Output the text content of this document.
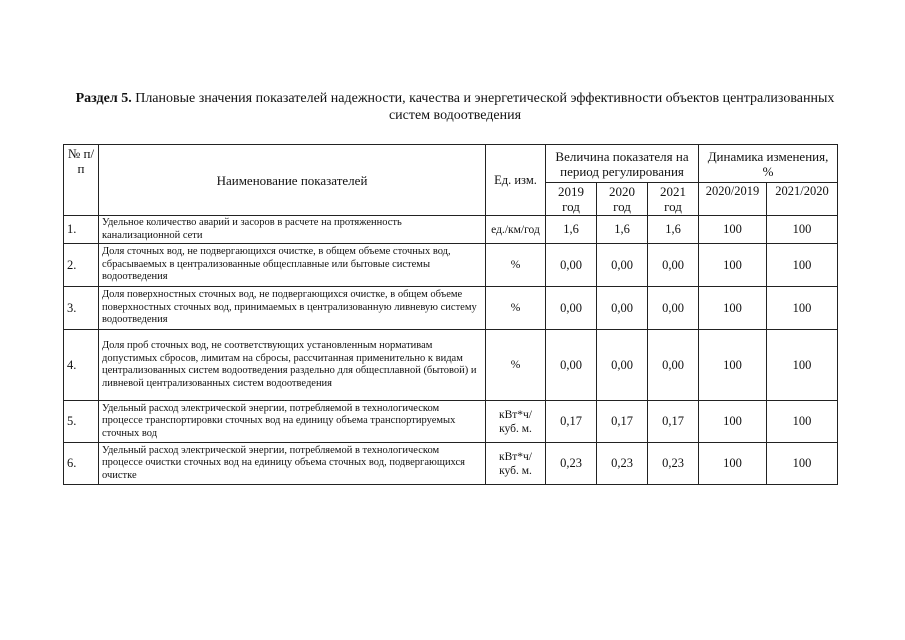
Раздел 5. Плановые значения показателей надежности, качества и энергетической эффективности объектов централизованных систем водоотведения
№ п/п	Наименование показателей	Ед. изм.	Величина показателя на период регулирования			Динамика изменения, %	
			2019 год	2020 год	2021 год	2020/2019	2021/2020
1.	Удельное количество аварий и засоров в расчете на протяженность канализационной сети	ед./км/год	1,6	1,6	1,6	100	100
2.	Доля сточных вод, не подвергающихся очистке, в общем объеме сточных вод, сбрасываемых в централизованные общесплавные или бытовые системы водоотведения	%	0,00	0,00	0,00	100	100
3.	Доля поверхностных сточных вод, не подвергающихся очистке, в общем объеме поверхностных сточных вод, принимаемых в централизованную ливневую систему водоотведения	%	0,00	0,00	0,00	100	100
4.	Доля проб сточных вод, не соответствующих установленным нормативам допустимых сбросов, лимитам на сбросы, рассчитанная применительно к видам централизованных систем водоотведения раздельно для общесплавной (бытовой) и ливневой централизованных систем водоотведения	%	0,00	0,00	0,00	100	100
5.	Удельный расход электрической энергии, потребляемой в технологическом процессе транспортировки сточных вод на единицу объема транспортируемых сточных вод	кВт*ч/ куб. м.	0,17	0,17	0,17	100	100
6.	Удельный расход электрической энергии, потребляемой в технологическом процессе очистки сточных вод на единицу объема сточных вод, подвергающихся очистке	кВт*ч/ куб. м.	0,23	0,23	0,23	100	100
